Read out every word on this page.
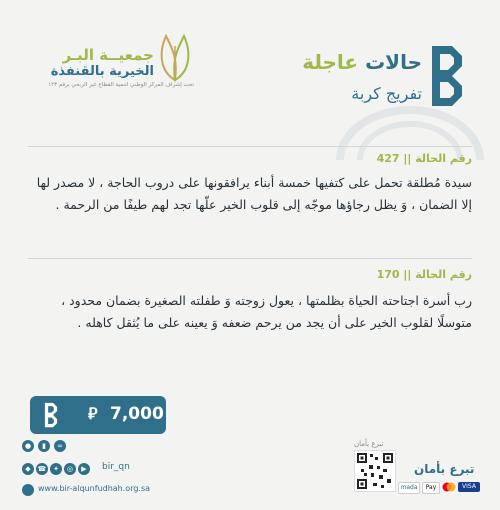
حالات عاجلة
تفريج كربة
جمعيــة البـر
الخيرية بالقنفذة
تحت إشراف المركز الوطني لتنمية القطاع غير الربحي برقم ١٢٣
رقم الحالة || 427
سيدة مُطلقة تحمل على كتفيها خمسة أبناء يرافقونها على دروب الحاجة ، لا مصدر لها إلا الضمان ، وَ يظل رجاؤها موجّه إلى قلوب الخير علّها تجد لهم طيفًا من الرحمة .
رقم الحالة || 170
رب أسرة اجتاحته الحياة بظلمتها ، يعول زوجته وَ طفلته الصغيرة بضمان محدود ، متوسلًا لقلوب الخير على أن يجد من يرحم ضعفه وَ يعينه على ما يُثقل كاهله .
⃁ 7,000
تبرع بأمان
تبرع بأمان
VISA
Pay
mada
●	▮	∞
◆ ☎ ✦	◎	▶	bir_qn
www.bir-alqunfudhah.org.sa
